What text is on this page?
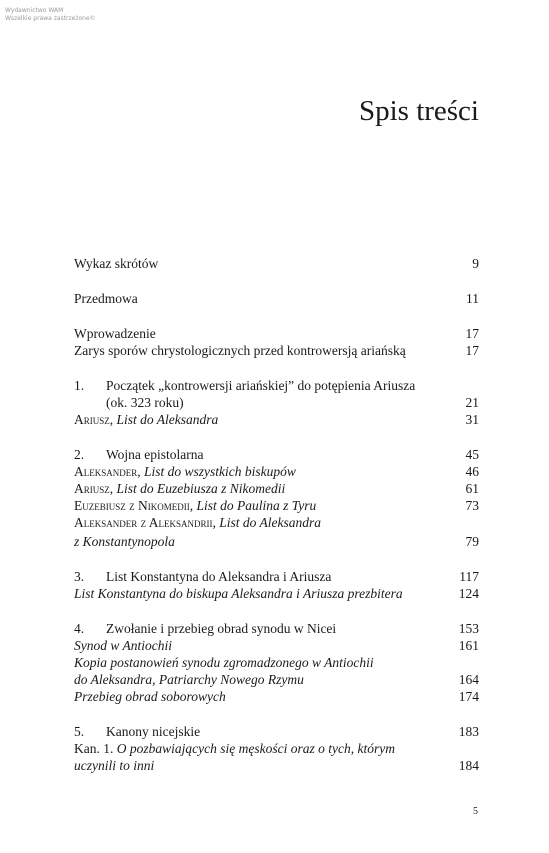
Wydawnictwo WAM
Wszelkie prawa zastrzeżone©
Spis treści
Wykaz skrótów	9
Przedmowa	11
Wprowadzenie	17
Zarys sporów chrystologicznych przed kontrowersją ariańską	17
1.	Początek „kontrowersji ariańskiej” do potępienia Ariusza
(ok. 323 roku)	21
Ariusz, List do Aleksandra	31
2.	Wojna epistolarna	45
Aleksander, List do wszystkich biskupów	46
Ariusz, List do Euzebiusza z Nikomedii	61
Euzebiusz z Nikomedii, List do Paulina z Tyru	73
Aleksander z Aleksandrii, List do Aleksandra
z Konstantynopola	79
3.	List Konstantyna do Aleksandra i Ariusza	117
List Konstantyna do biskupa Aleksandra i Ariusza prezbitera	124
4.	Zwołanie i przebieg obrad synodu w Nicei	153
Synod w Antiochii	161
Kopia postanowień synodu zgromadzonego w Antiochii
do Aleksandra, Patriarchy Nowego Rzymu	164
Przebieg obrad soborowych	174
5.	Kanony nicejskie	183
Kan. 1. O pozbawiających się męskości oraz o tych, którym
uczynili to inni	184
5
